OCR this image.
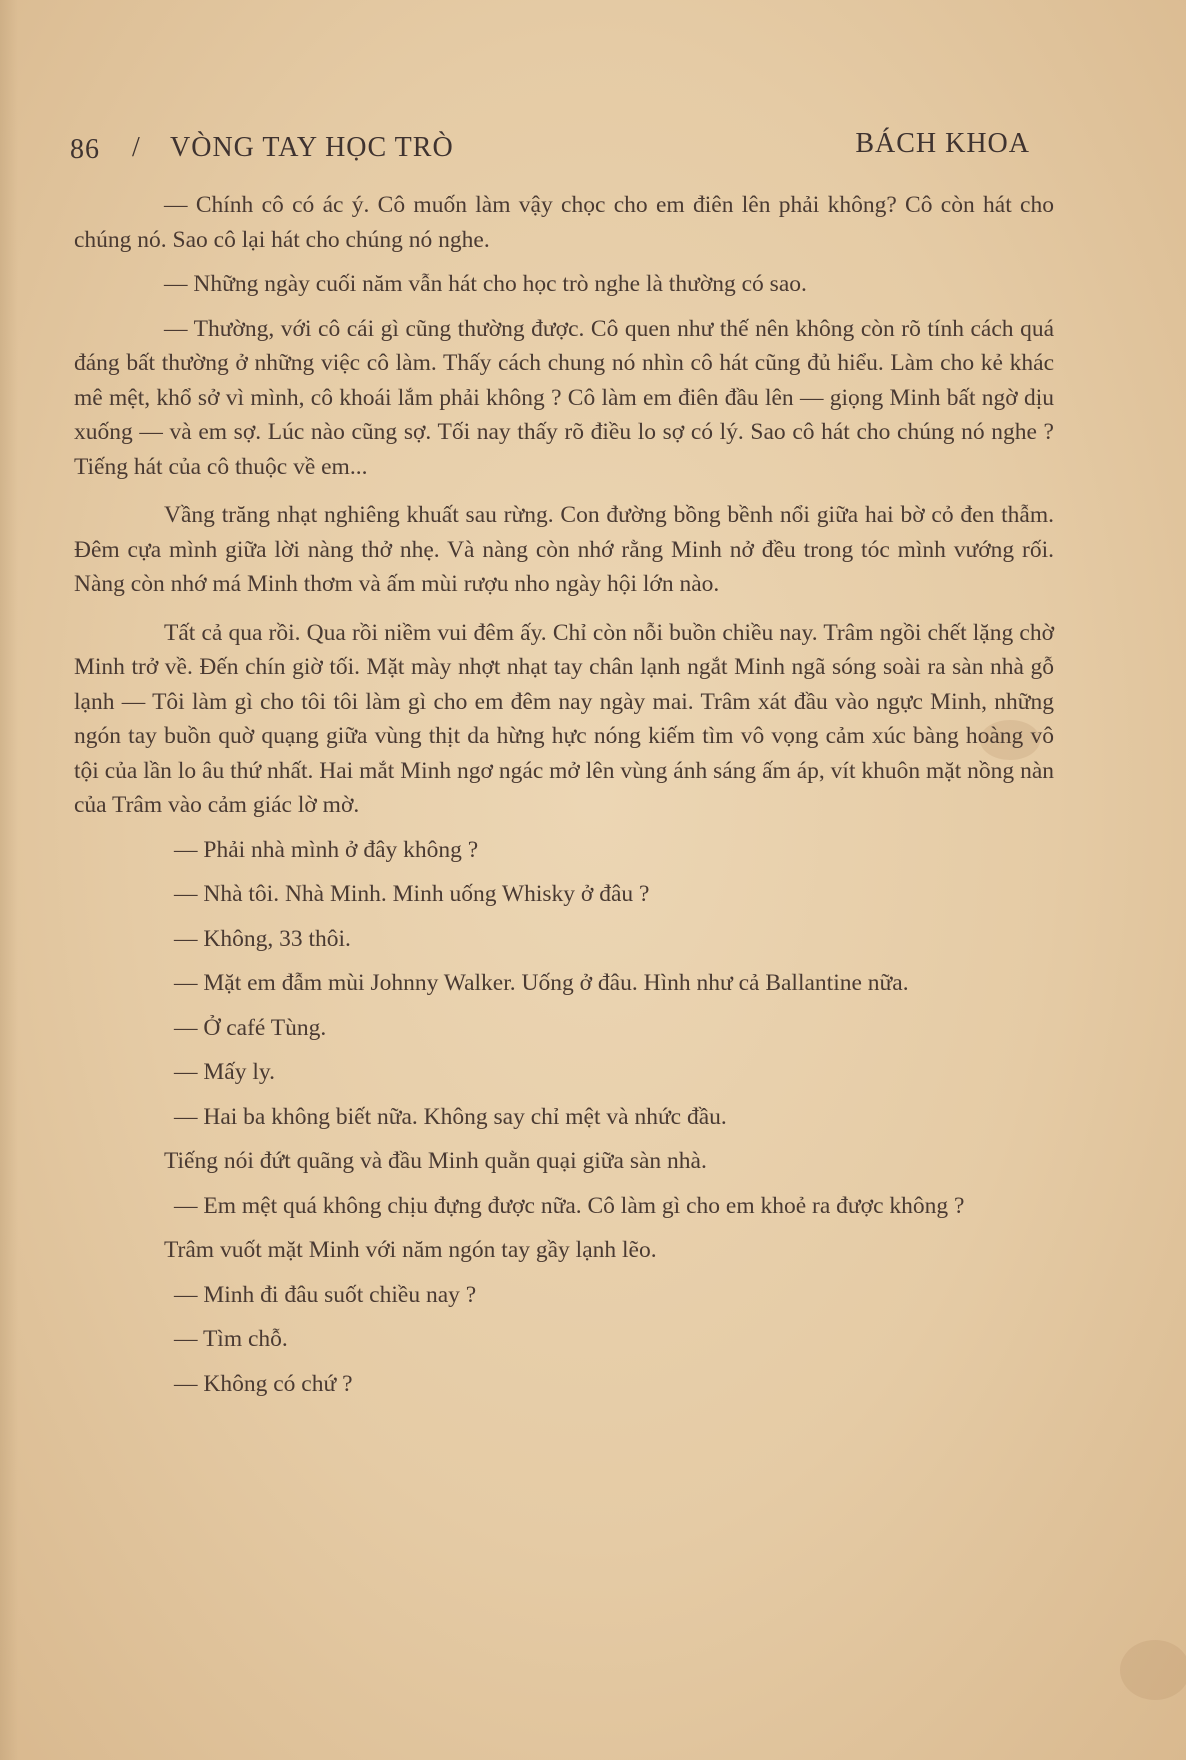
86 / VÒNG TAY HỌC TRÒ	BÁCH KHOA

— Chính cô có ác ý. Cô muốn làm vậy chọc cho em điên lên phải không? Cô còn hát cho chúng nó. Sao cô lại hát cho chúng nó nghe.

— Những ngày cuối năm vẫn hát cho học trò nghe là thường có sao.

— Thường, với cô cái gì cũng thường được. Cô quen như thế nên không còn rõ tính cách quá đáng bất thường ở những việc cô làm. Thấy cách chung nó nhìn cô hát cũng đủ hiểu. Làm cho kẻ khác mê mệt, khổ sở vì mình, cô khoái lắm phải không ? Cô làm em điên đầu lên — giọng Minh bất ngờ dịu xuống — và em sợ. Lúc nào cũng sợ. Tối nay thấy rõ điều lo sợ có lý. Sao cô hát cho chúng nó nghe ? Tiếng hát của cô thuộc về em...

Vầng trăng nhạt nghiêng khuất sau rừng. Con đường bồng bềnh nổi giữa hai bờ cỏ đen thẫm. Đêm cựa mình giữa lời nàng thở nhẹ. Và nàng còn nhớ rằng Minh nở đều trong tóc mình vướng rối. Nàng còn nhớ má Minh thơm và ấm mùi rượu nho ngày hội lớn nào.

Tất cả qua rồi. Qua rồi niềm vui đêm ấy. Chỉ còn nỗi buồn chiều nay. Trâm ngồi chết lặng chờ Minh trở về. Đến chín giờ tối. Mặt mày nhợt nhạt tay chân lạnh ngắt Minh ngã sóng soài ra sàn nhà gỗ lạnh — Tôi làm gì cho tôi tôi làm gì cho em đêm nay ngày mai. Trâm xát đầu vào ngực Minh, những ngón tay buồn quờ quạng giữa vùng thịt da hừng hực nóng kiếm tìm vô vọng cảm xúc bàng hoàng vô tội của lần lo âu thứ nhất. Hai mắt Minh ngơ ngác mở lên vùng ánh sáng ấm áp, vít khuôn mặt nồng nàn của Trâm vào cảm giác lờ mờ.

— Phải nhà mình ở đây không ?

— Nhà tôi. Nhà Minh. Minh uống Whisky ở đâu ?

— Không, 33 thôi.

— Mặt em đẫm mùi Johnny Walker. Uống ở đâu. Hình như cả Ballantine nữa.

— Ở café Tùng.

— Mấy ly.

— Hai ba không biết nữa. Không say chỉ mệt và nhức đầu.

Tiếng nói đứt quãng và đầu Minh quằn quại giữa sàn nhà.

— Em mệt quá không chịu đựng được nữa. Cô làm gì cho em khoẻ ra được không ?

Trâm vuốt mặt Minh với năm ngón tay gầy lạnh lẽo.

— Minh đi đâu suốt chiều nay ?

— Tìm chỗ.

— Không có chứ ?
